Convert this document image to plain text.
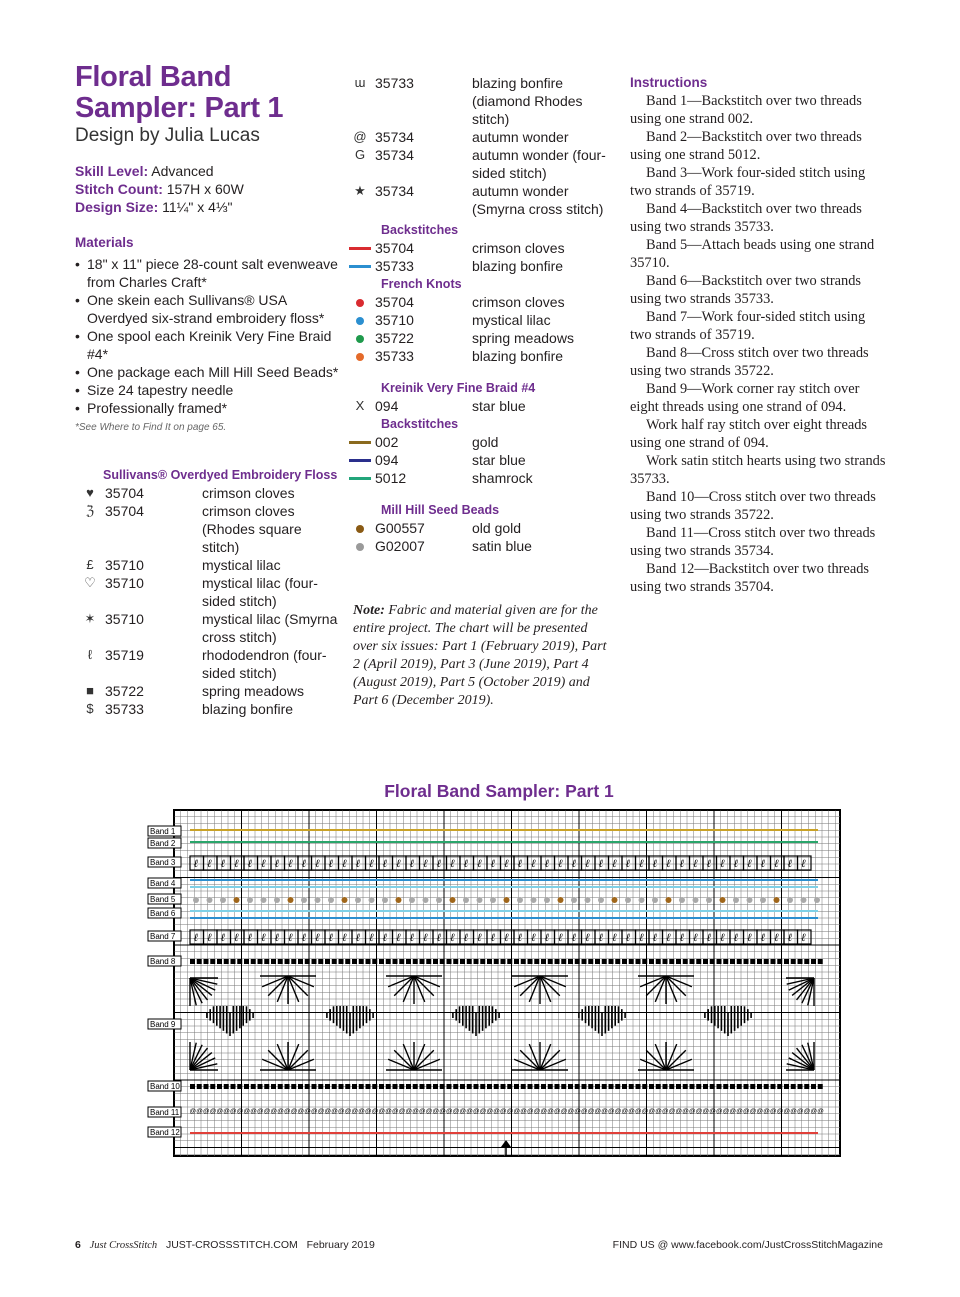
Floral Band
Sampler: Part 1
Design by Julia Lucas
Skill Level: Advanced
Stitch Count: 157H x 60W
Design Size: 11¼" x 4⅓"
Materials
• 18" x 11" piece 28-count salt evenweave from Charles Craft*
• One skein each Sullivans® USA Overdyed six-strand embroidery floss*
• One spool each Kreinik Very Fine Braid #4*
• One package each Mill Hill Seed Beads*
• Size 24 tapestry needle
• Professionally framed*
*See Where to Find It on page 65.
Sullivans® Overdyed Embroidery Floss
♥ 35704	crimson cloves
ℨ 35704	crimson cloves (Rhodes square stitch)
£ 35710	mystical lilac
♡ 35710	mystical lilac (four-sided stitch)
✶ 35710	mystical lilac (Smyrna cross stitch)
ℓ 35719	rhododendron (four-sided stitch)
■ 35722	spring meadows
$ 35733	blazing bonfire
ɯ 35733	blazing bonfire (diamond Rhodes stitch)
@ 35734	autumn wonder
G 35734	autumn wonder (four-sided stitch)
★ 35734	autumn wonder (Smyrna cross stitch)
Backstitches
35704	crimson cloves
35733	blazing bonfire
French Knots
35704	crimson cloves
35710	mystical lilac
35722	spring meadows
35733	blazing bonfire
Kreinik Very Fine Braid #4
X 094	star blue
Backstitches
002	gold
094	star blue
5012	shamrock
Mill Hill Seed Beads
G00557	old gold
G02007	satin blue
Note: Fabric and material given are for the entire project. The chart will be presented over six issues: Part 1 (February 2019), Part 2 (April 2019), Part 3 (June 2019), Part 4 (August 2019), Part 5 (October 2019) and Part 6 (December 2019).
Instructions

Band 1—Backstitch over two threads using one strand 002.

Band 2—Backstitch over two threads using one strand 5012.

Band 3—Work four-sided stitch using two strands of 35719.

Band 4—Backstitch over two threads using two strands 35733.

Band 5—Attach beads using one strand 35710.

Band 6—Backstitch over two strands using two strands 35733.

Band 7—Work four-sided stitch using two strands of 35719.

Band 8—Cross stitch over two threads using two strands 35722.

Band 9—Work corner ray stitch over eight threads using one strand of 094.

Work half ray stitch over eight threads using one strand of 094.

Work satin stitch hearts using two strands 35733.

Band 10—Cross stitch over two threads using two strands 35722.

Band 11—Cross stitch over two threads using two strands 35734.

Band 12—Backstitch over two threads using two strands 35704.

Floral Band Sampler: Part 1
Band 1
Band 2
Band 3
Band 4
Band 5
Band 6
Band 7
Band 8
Band 9
Band 10
Band 11
Band 12
ℓ ℓ ℓ ℓ ℓ ℓ ℓ ℓ ℓ ℓ ℓ ℓ ℓ ℓ ℓ ℓ ℓ ℓ ℓ ℓ ℓ ℓ ℓ ℓ ℓ ℓ ℓ ℓ ℓ ℓ ℓ ℓ ℓ ℓ ℓ ℓ ℓ ℓ ℓ ℓ ℓ ℓ ℓ ℓ ℓ ℓ
ℓ ℓ ℓ ℓ ℓ ℓ ℓ ℓ ℓ ℓ ℓ ℓ ℓ ℓ ℓ ℓ ℓ ℓ ℓ ℓ ℓ ℓ ℓ ℓ ℓ ℓ ℓ ℓ ℓ ℓ ℓ ℓ ℓ ℓ ℓ ℓ ℓ ℓ ℓ ℓ ℓ ℓ ℓ ℓ ℓ ℓ
@ @ @ @ @ @ @ @ @ @ @ @ @ @ @ @ @ @ @ @ @ @ @ @ @ @ @ @ @ @ @ @ @ @ @ @ @ @ @ @ @ @ @ @ @ @ @ @ @ @ @ @ @ @ @ @ @ @ @ @ @ @ @ @ @ @ @ @ @ @ @ @ @ @ @ @ @ @ @ @ @ @ @ @ @ @ @ @ @ @ @ @ @ @
6 Just CrossStitch JUST-CROSSSTITCH.COM February 2019	FIND US @ www.facebook.com/JustCrossStitchMagazine
